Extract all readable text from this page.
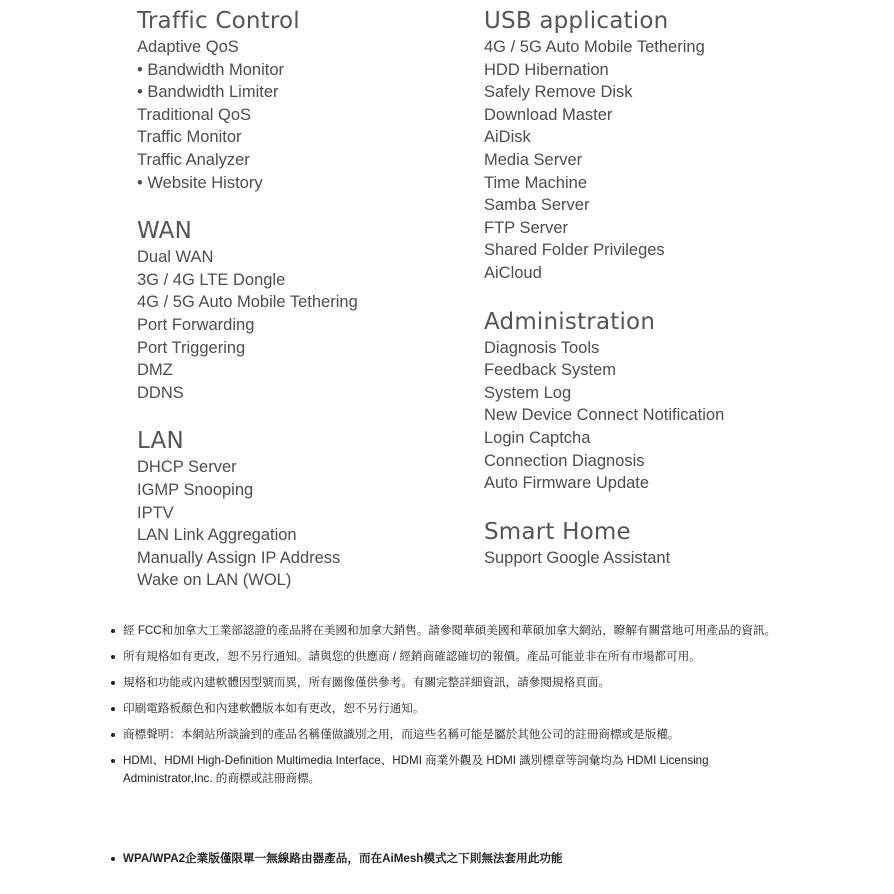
Traffic Control
Adaptive QoS
• Bandwidth Monitor
• Bandwidth Limiter
Traditional QoS
Traffic Monitor
Traffic Analyzer
• Website History
WAN
Dual WAN
3G / 4G LTE Dongle
4G / 5G Auto Mobile Tethering
Port Forwarding
Port Triggering
DMZ
DDNS
LAN
DHCP Server
IGMP Snooping
IPTV
LAN Link Aggregation
Manually Assign IP Address
Wake on LAN (WOL)
USB application
4G / 5G Auto Mobile Tethering
HDD Hibernation
Safely Remove Disk
Download Master
AiDisk
Media Server
Time Machine
Samba Server
FTP Server
Shared Folder Privileges
AiCloud
Administration
Diagnosis Tools
Feedback System
System Log
New Device Connect Notification
Login Captcha
Connection Diagnosis
Auto Firmware Update
Smart Home
Support Google Assistant
經 FCC和加拿大工業部認證的產品將在美國和加拿大銷售。請參閱華碩美國和華碩加拿大網站，瞭解有關當地可用產品的資訊。
所有規格如有更改，恕不另行通知。請與您的供應商 / 經銷商確認確切的報價。產品可能並非在所有市場都可用。
規格和功能或內建軟體因型號而異，所有圖像僅供參考。有關完整詳細資訊，請參閱規格頁面。
印刷電路板顏色和內建軟體版本如有更改，恕不另行通知。
商標聲明：本網站所談論到的產品名稱僅做識別之用，而這些名稱可能是屬於其他公司的註冊商標或是版權。
HDMI、HDMI High-Definition Multimedia Interface、HDMI 商業外觀及 HDMI 識別標章等詞彙均為 HDMI Licensing Administrator,Inc. 的商標或註冊商標。
WPA/WPA2企業版僅限單一無線路由器產品，而在AiMesh模式之下則無法套用此功能
